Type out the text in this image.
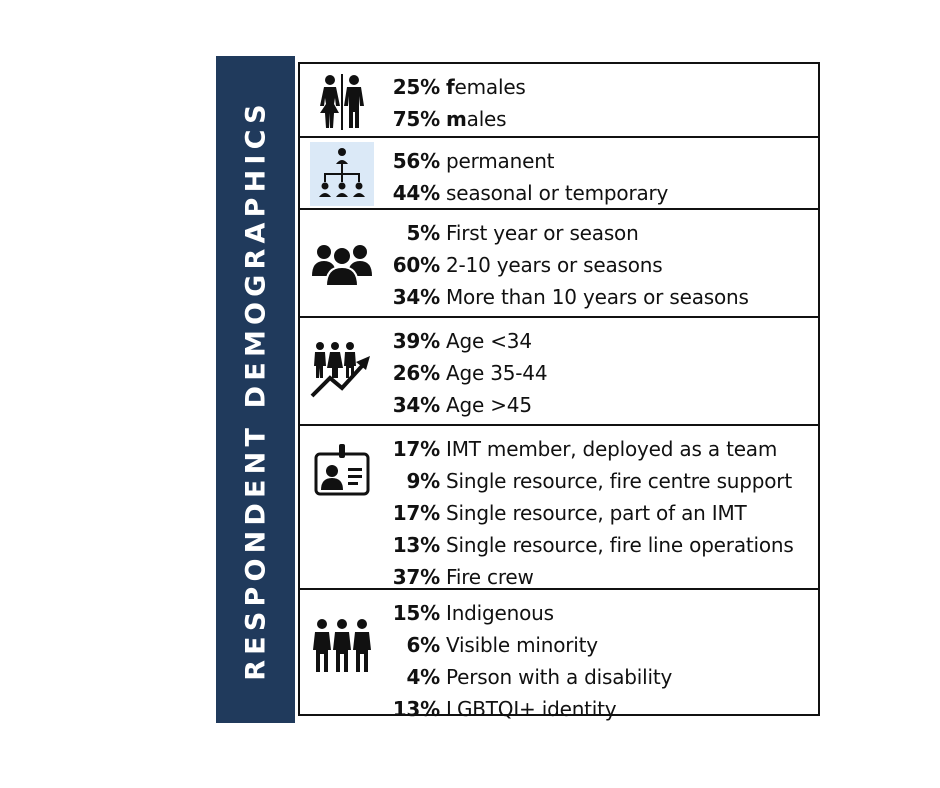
RESPONDENT DEMOGRAPHICS
25% females
75% males
56% permanent
44% seasonal or temporary
5% First year or season
60% 2-10 years or seasons
34% More than 10 years or seasons
39% Age <34
26% Age 35-44
34% Age >45
17% IMT member, deployed as a team
9% Single resource, fire centre support
17% Single resource, part of an IMT
13% Single resource, fire line operations
37% Fire crew
15% Indigenous
6% Visible minority
4% Person with a disability
13% LGBTQI+ identity
